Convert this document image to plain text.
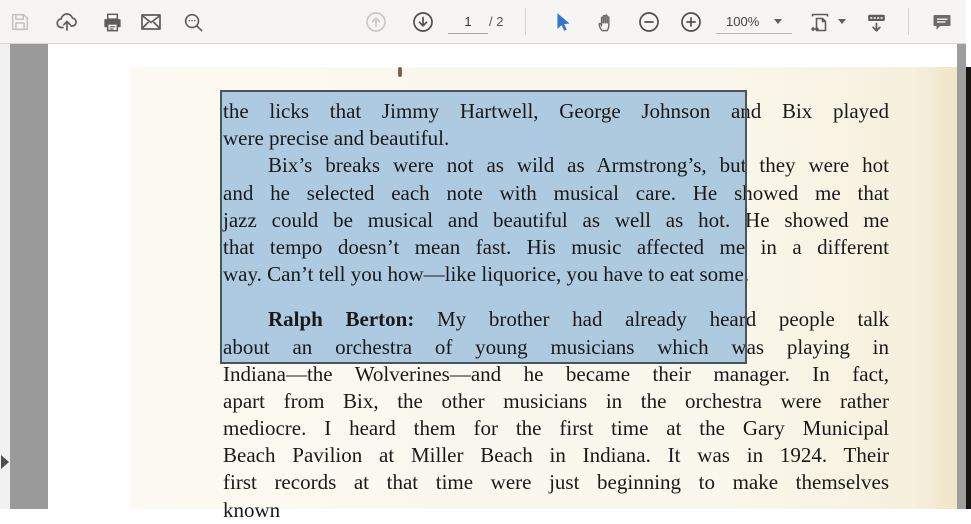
1
/ 2	100%
the licks that Jimmy Hartwell, George Johnson and Bix played
were precise and beautiful.
Bix’s breaks were not as wild as Armstrong’s, but they were hot
and he selected each note with musical care. He showed me that
jazz could be musical and beautiful as well as hot. He showed me
that tempo doesn’t mean fast. His music affected me in a different
way. Can’t tell you how—like liquorice, you have to eat some.
Ralph Berton: My brother had already heard people talk
about an orchestra of young musicians which was playing in
Indiana—the Wolverines—and he became their manager. In fact,
apart from Bix, the other musicians in the orchestra were rather
mediocre. I heard them for the first time at the Gary Municipal
Beach Pavilion at Miller Beach in Indiana. It was in 1924. Their
first records at that time were just beginning to make themselves
known
